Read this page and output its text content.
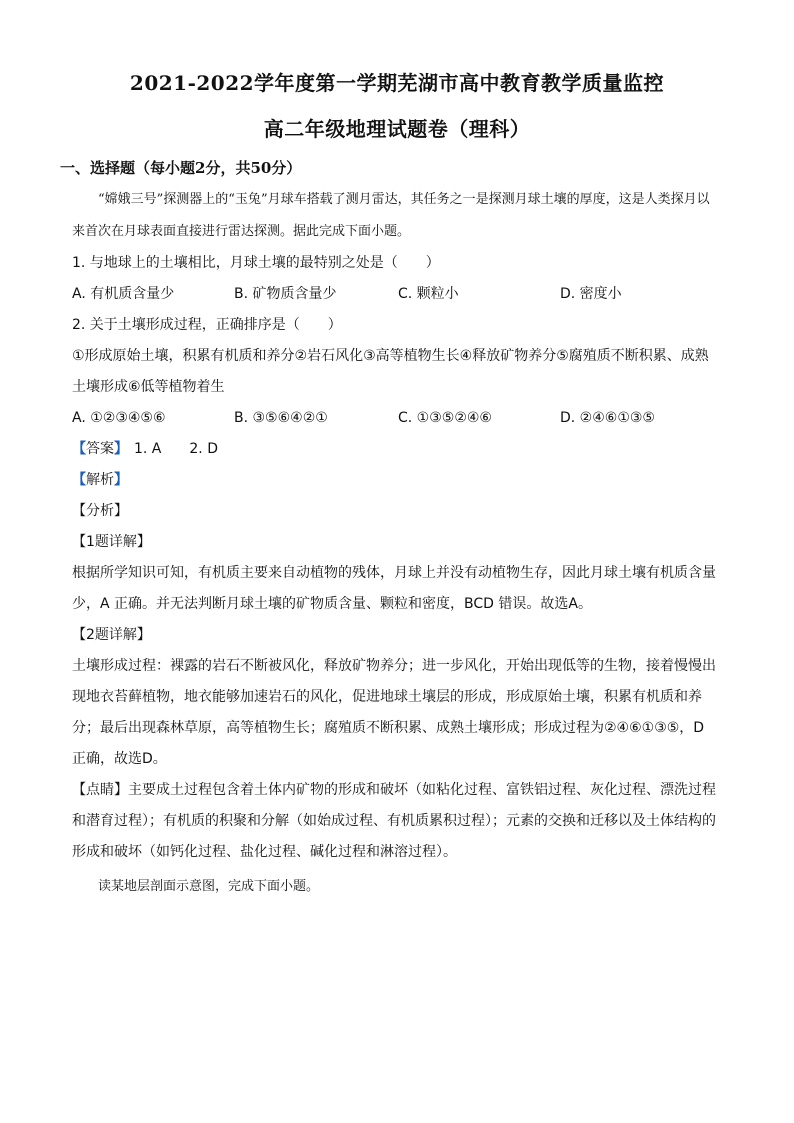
2021-2022学年度第一学期芜湖市高中教育教学质量监控
高二年级地理试题卷（理科）
一、选择题（每小题2分，共50分）

“嫦娥三号”探测器上的“玉兔”月球车搭载了测月雷达，其任务之一是探测月球土壤的厚度，这是人类探月以来首次在月球表面直接进行雷达探测。据此完成下面小题。

1. 与地球上的土壤相比，月球土壤的最特别之处是（　　）

A. 有机质含量少	B. 矿物质含量少	C. 颗粒小	D. 密度小

2. 关于土壤形成过程，正确排序是（　　）

①形成原始土壤，积累有机质和养分②岩石风化③高等植物生长④释放矿物养分⑤腐殖质不断积累、成熟土壤形成⑥低等植物着生

A. ①②③④⑤⑥	B. ③⑤⑥④②①	C. ①③⑤②④⑥	D. ②④⑥①③⑤

【答案】 1. A 2. D

【解析】

【分析】

【1题详解】

根据所学知识可知，有机质主要来自动植物的残体，月球上并没有动植物生存，因此月球土壤有机质含量少，A 正确。并无法判断月球土壤的矿物质含量、颗粒和密度，BCD 错误。故选A。

【2题详解】

土壤形成过程：裸露的岩石不断被风化，释放矿物养分；进一步风化，开始出现低等的生物，接着慢慢出现地衣苔藓植物，地衣能够加速岩石的风化，促进地球土壤层的形成，形成原始土壤，积累有机质和养分；最后出现森林草原，高等植物生长；腐殖质不断积累、成熟土壤形成；形成过程为②④⑥①③⑤，D 正确，故选D。

【点睛】主要成土过程包含着土体内矿物的形成和破坏（如粘化过程、富铁铝过程、灰化过程、漂洗过程和潜育过程）；有机质的积聚和分解（如始成过程、有机质累积过程）；元素的交换和迁移以及土体结构的形成和破坏（如钙化过程、盐化过程、碱化过程和淋溶过程）。

读某地层剖面示意图，完成下面小题。
